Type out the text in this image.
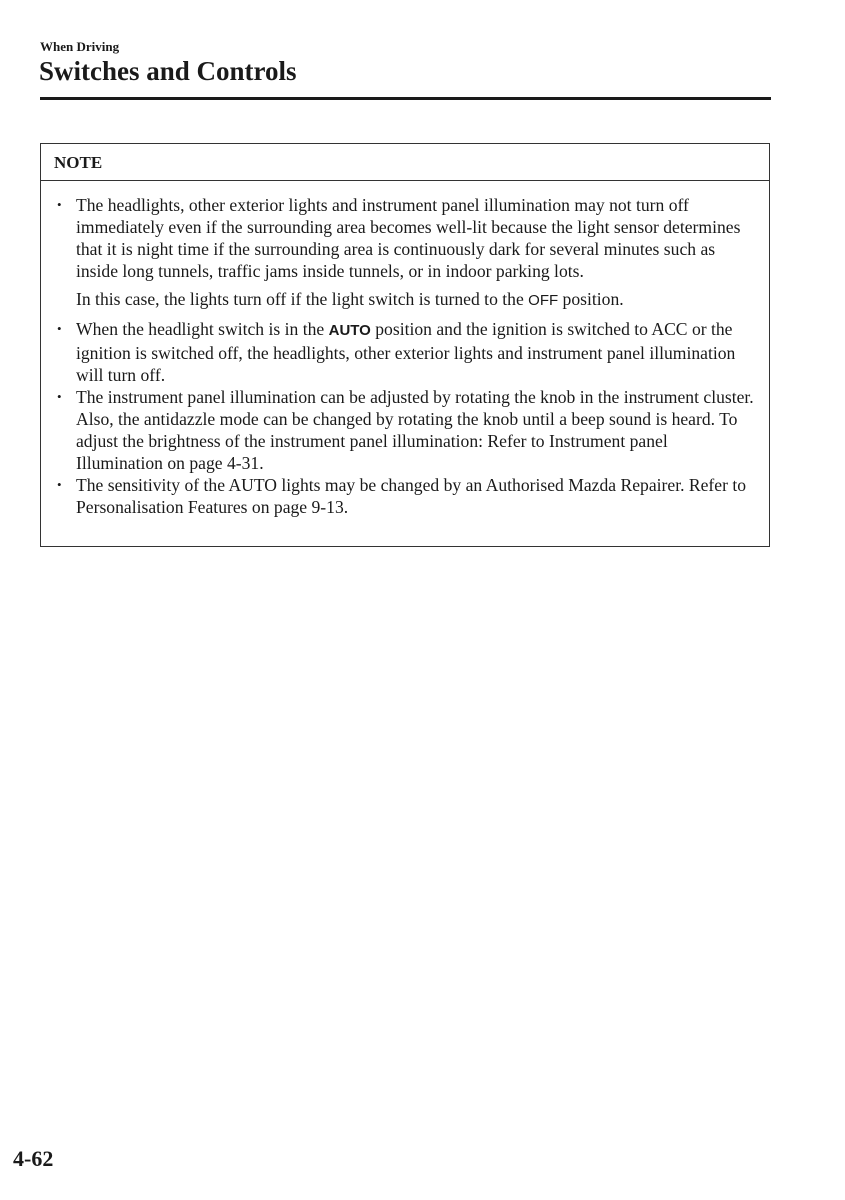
When Driving
Switches and Controls
NOTE
• The headlights, other exterior lights and instrument panel illumination may not turn off immediately even if the surrounding area becomes well-lit because the light sensor determines that it is night time if the surrounding area is continuously dark for several minutes such as inside long tunnels, traffic jams inside tunnels, or in indoor parking lots.
In this case, the lights turn off if the light switch is turned to the OFF position.
• When the headlight switch is in the AUTO position and the ignition is switched to ACC or the ignition is switched off, the headlights, other exterior lights and instrument panel illumination will turn off.
• The instrument panel illumination can be adjusted by rotating the knob in the instrument cluster. Also, the antidazzle mode can be changed by rotating the knob until a beep sound is heard. To adjust the brightness of the instrument panel illumination: Refer to Instrument panel Illumination on page 4-31.
• The sensitivity of the AUTO lights may be changed by an Authorised Mazda Repairer. Refer to Personalisation Features on page 9-13.
4-62
